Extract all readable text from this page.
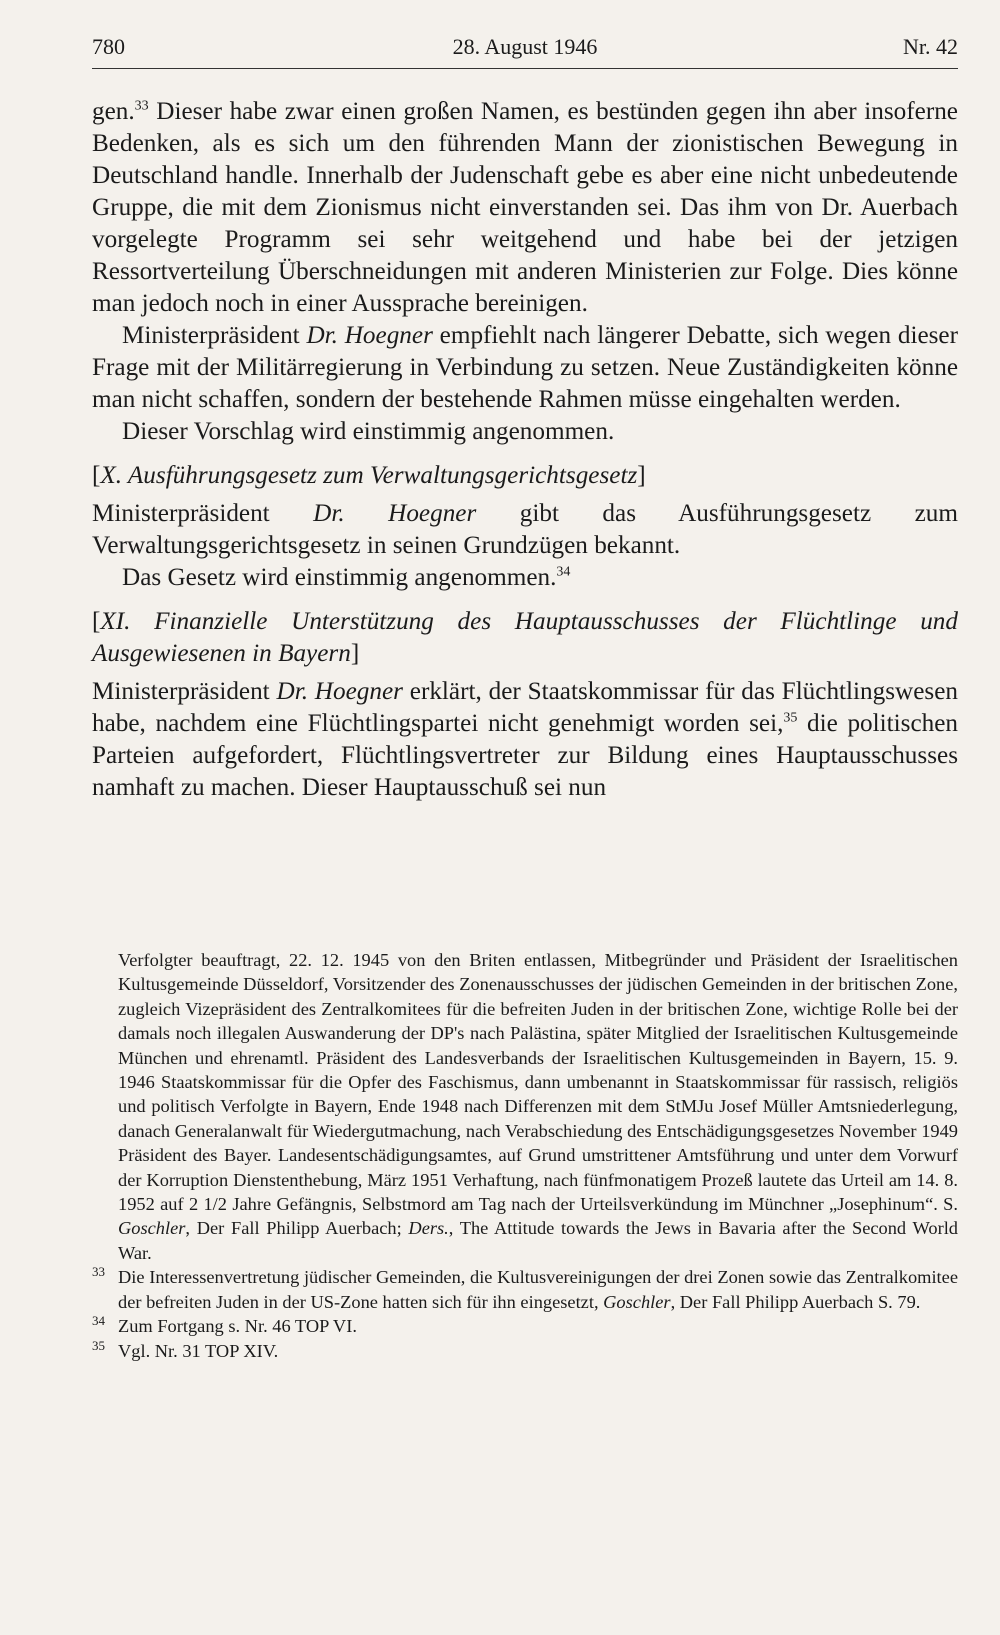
780	28. August 1946	Nr. 42

gen.$^{33}$ Dieser habe zwar einen großen Namen, es bestünden gegen ihn aber insoferne Bedenken, als es sich um den führenden Mann der zionistischen Bewegung in Deutschland handle. Innerhalb der Judenschaft gebe es aber eine nicht unbedeutende Gruppe, die mit dem Zionismus nicht einverstanden sei. Das ihm von Dr. Auerbach vorgelegte Programm sei sehr weitgehend und habe bei der jetzigen Ressortverteilung Überschneidungen mit anderen Ministerien zur Folge. Dies könne man jedoch noch in einer Aussprache bereinigen.

Ministerpräsident Dr. Hoegner empfiehlt nach längerer Debatte, sich wegen dieser Frage mit der Militärregierung in Verbindung zu setzen. Neue Zuständigkeiten könne man nicht schaffen, sondern der bestehende Rahmen müsse eingehalten werden.

Dieser Vorschlag wird einstimmig angenommen.

[X. Ausführungsgesetz zum Verwaltungsgerichtsgesetz]

Ministerpräsident Dr. Hoegner gibt das Ausführungsgesetz zum Verwaltungsgerichtsgesetz in seinen Grundzügen bekannt.

Das Gesetz wird einstimmig angenommen.$^{34}$

[XI. Finanzielle Unterstützung des Hauptausschusses der Flüchtlinge und Ausgewiesenen in Bayern]

Ministerpräsident Dr. Hoegner erklärt, der Staatskommissar für das Flüchtlingswesen habe, nachdem eine Flüchtlingspartei nicht genehmigt worden sei,$^{35}$ die politischen Parteien aufgefordert, Flüchtlingsvertreter zur Bildung eines Hauptausschusses namhaft zu machen. Dieser Hauptausschuß sei nun

Verfolgter beauftragt, 22. 12. 1945 von den Briten entlassen, Mitbegründer und Präsident der Israelitischen Kultusgemeinde Düsseldorf, Vorsitzender des Zonenausschusses der jüdischen Gemeinden in der britischen Zone, zugleich Vizepräsident des Zentralkomitees für die befreiten Juden in der britischen Zone, wichtige Rolle bei der damals noch illegalen Auswanderung der DP's nach Palästina, später Mitglied der Israelitischen Kultusgemeinde München und ehrenamtl. Präsident des Landesverbands der Israelitischen Kultusgemeinden in Bayern, 15. 9. 1946 Staatskommissar für die Opfer des Faschismus, dann umbenannt in Staatskommissar für rassisch, religiös und politisch Verfolgte in Bayern, Ende 1948 nach Differenzen mit dem StMJu Josef Müller Amtsniederlegung, danach Generalanwalt für Wiedergutmachung, nach Verabschiedung des Entschädigungsgesetzes November 1949 Präsident des Bayer. Landesentschädigungsamtes, auf Grund umstrittener Amtsführung und unter dem Vorwurf der Korruption Dienstenthebung, März 1951 Verhaftung, nach fünfmonatigem Prozeß lautete das Urteil am 14. 8. 1952 auf 2 1/2 Jahre Gefängnis, Selbstmord am Tag nach der Urteilsverkündung im Münchner „Josephinum“. S. Goschler, Der Fall Philipp Auerbach; Ders., The Attitude towards the Jews in Bavaria after the Second World War.

33 Die Interessenvertretung jüdischer Gemeinden, die Kultusvereinigungen der drei Zonen sowie das Zentralkomitee der befreiten Juden in der US-Zone hatten sich für ihn eingesetzt, Goschler, Der Fall Philipp Auerbach S. 79.

34 Zum Fortgang s. Nr. 46 TOP VI.

35 Vgl. Nr. 31 TOP XIV.
